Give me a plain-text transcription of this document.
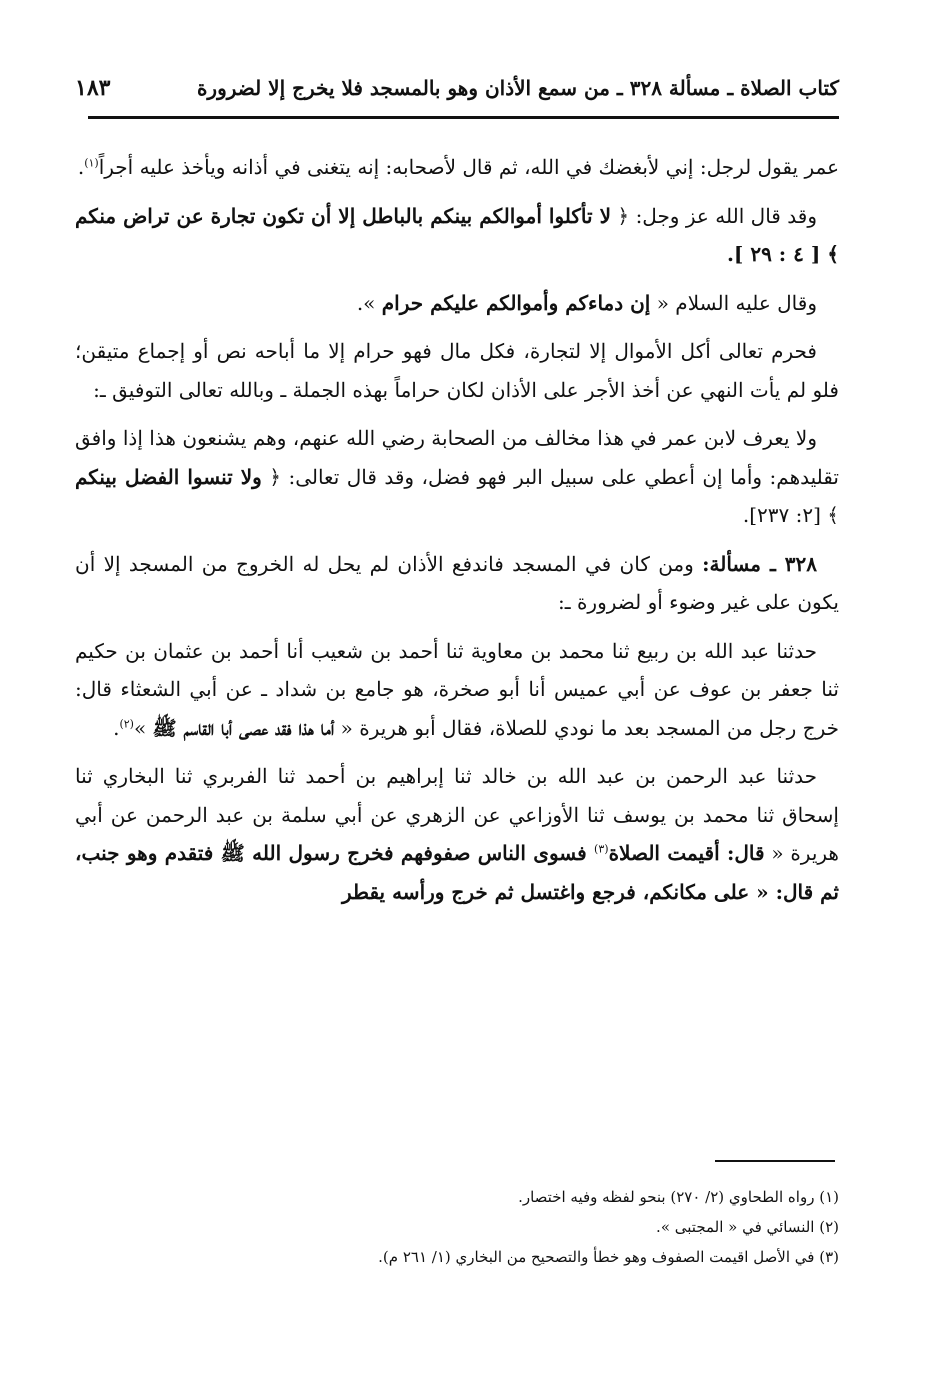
كتاب الصلاة ـ مسألة ٣٢٨ ـ من سمع الأذان وهو بالمسجد فلا يخرج إلا لضرورة
١٨٣

عمر يقول لرجل: إني لأبغضك في الله، ثم قال لأصحابه: إنه يتغنى في أذانه ويأخذ عليه أجراً$^{(١)}$.

وقد قال الله عز وجل: ﴿ لا تأكلوا أموالكم بينكم بالباطل إلا أن تكون تجارة عن تراض منكم ﴾ [ ٤ : ٢٩ ].

وقال عليه السلام « إن دماءكم وأموالكم عليكم حرام ».

فحرم تعالى أكل الأموال إلا لتجارة، فكل مال فهو حرام إلا ما أباحه نص أو إجماع متيقن؛ فلو لم يأت النهي عن أخذ الأجر على الأذان لكان حراماً بهذه الجملة ـ وبالله تعالى التوفيق ـ:

ولا يعرف لابن عمر في هذا مخالف من الصحابة رضي الله عنهم، وهم يشنعون هذا إذا وافق تقليدهم: وأما إن أعطي على سبيل البر فهو فضل، وقد قال تعالى: ﴿ ولا تنسوا الفضل بينكم ﴾ [٢: ٢٣٧].

٣٢٨ ـ مسألة: ومن كان في المسجد فاندفع الأذان لم يحل له الخروج من المسجد إلا أن يكون على غير وضوء أو لضرورة ـ:

حدثنا عبد الله بن ربيع ثنا محمد بن معاوية ثنا أحمد بن شعيب أنا أحمد بن عثمان بن حكيم ثنا جعفر بن عوف عن أبي عميس أنا أبو صخرة، هو جامع بن شداد ـ عن أبي الشعثاء قال: خرج رجل من المسجد بعد ما نودي للصلاة، فقال أبو هريرة « أما هذا فقد عصى أبا القاسم ﷺ »$^{(٢)}$.

حدثنا عبد الرحمن بن عبد الله بن خالد ثنا إبراهيم بن أحمد ثنا الفربري ثنا البخاري ثنا إسحاق ثنا محمد بن يوسف ثنا الأوزاعي عن الزهري عن أبي سلمة بن عبد الرحمن عن أبي هريرة « قال: أقيمت الصلاة$^{(٣)}$ فسوى الناس صفوفهم فخرج رسول الله ﷺ فتقدم وهو جنب، ثم قال: « على مكانكم، فرجع واغتسل ثم خرج ورأسه يقطر

(١) رواه الطحاوي (٢/ ٢٧٠) بنحو لفظه وفيه اختصار.
(٢) النسائي في « المجتبى ».
(٣) في الأصل اقيمت الصفوف وهو خطأ والتصحيح من البخاري (١/ ٢٦١ م).
